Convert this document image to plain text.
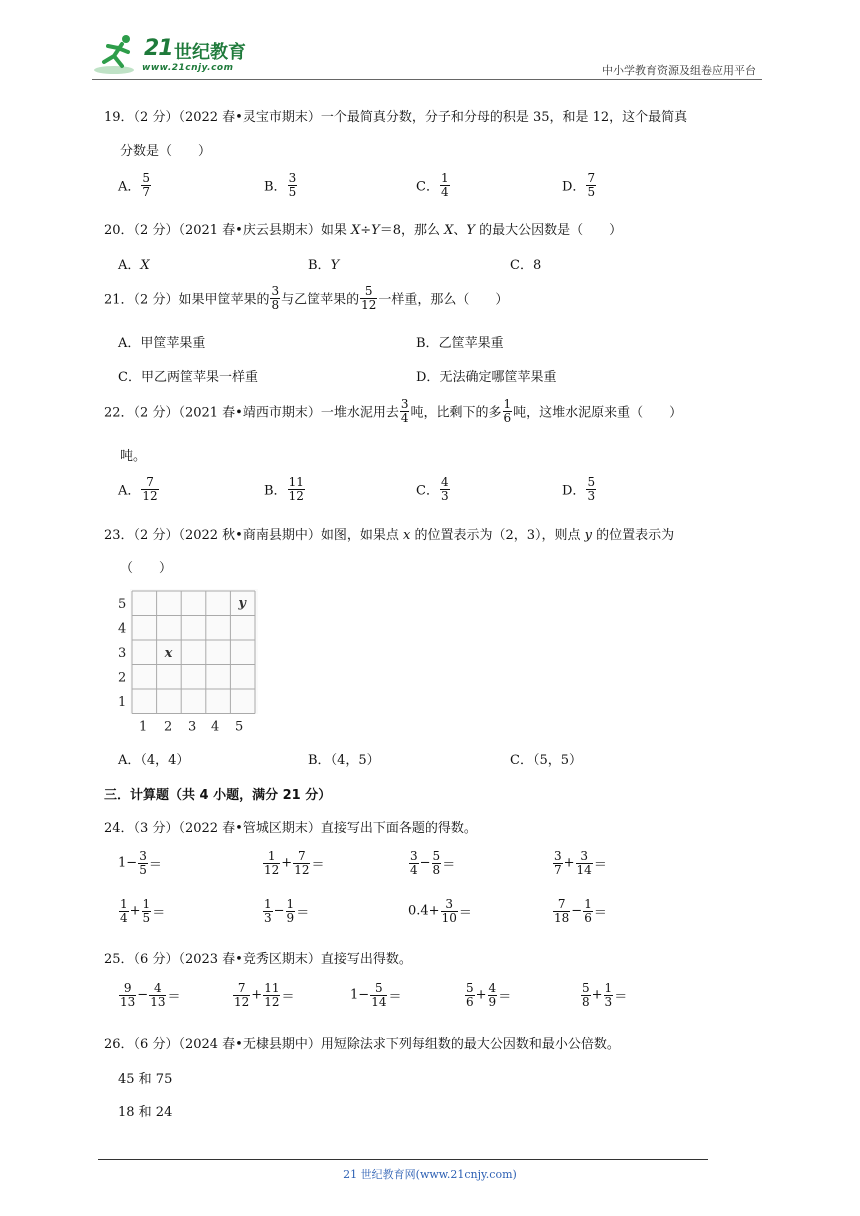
21 世纪教育
www.21cnjy.com	中小学教育资源及组卷应用平台
19．（2 分）（2022 春•灵宝市期末）一个最简真分数，分子和分母的积是 35，和是 12，这个最简真
分数是（　　）
A． $\frac{5}{7}$	B． $\frac{3}{5}$	C． $\frac{1}{4}$	D． $\frac{7}{5}$
20．（2 分）（2021 春•庆云县期末）如果 X÷Y＝8，那么 X、Y 的最大公因数是（　　）
A．X	B．Y	C．8
21．（2 分）如果甲筐苹果的 $\frac{3}{8}$ 与乙筐苹果的 $\frac{5}{12}$ 一样重，那么（　　）
A．甲筐苹果重	B．乙筐苹果重
C．甲乙两筐苹果一样重	D．无法确定哪筐苹果重
22．（2 分）（2021 春•靖西市期末）一堆水泥用去 $\frac{3}{4}$ 吨，比剩下的多 $\frac{1}{6}$ 吨，这堆水泥原来重（　　）
吨。
A． $\frac{7}{12}$	B． $\frac{11}{12}$	C． $\frac{4}{3}$	D． $\frac{5}{3}$
23．（2 分）（2022 秋•商南县期中）如图，如果点 x 的位置表示为（2，3），则点 y 的位置表示为
（　　）
5
4
3
2
1
1 2 3 4 5
x
y
A．（4，4）	B．（4，5）	C．（5，5）
三．计算题（共 4 小题，满分 21 分）
24．（3 分）（2022 春•管城区期末）直接写出下面各题的得数。
$1- \frac{3}{5}$ ＝	$\frac{1}{12} + \frac{7}{12}$ ＝	$\frac{3}{4} - \frac{5}{8}$ ＝	$\frac{3}{7} + \frac{3}{14}$ ＝
$\frac{1}{4} + \frac{1}{5}$ ＝	$\frac{1}{3} - \frac{1}{9}$ ＝	$0.4+ \frac{3}{10}$ ＝	$\frac{7}{18} - \frac{1}{6}$ ＝
25．（6 分）（2023 春•竞秀区期末）直接写出得数。
$\frac{9}{13} - \frac{4}{13}$ ＝	$\frac{7}{12} + \frac{11}{12}$ ＝	$1- \frac{5}{14}$ ＝	$\frac{5}{6} + \frac{4}{9}$ ＝	$\frac{5}{8} + \frac{1}{3}$ ＝
26．（6 分）（2024 春•无棣县期中）用短除法求下列每组数的最大公因数和最小公倍数。
45 和 75
18 和 24
21 世纪教育网(www.21cnjy.com)
